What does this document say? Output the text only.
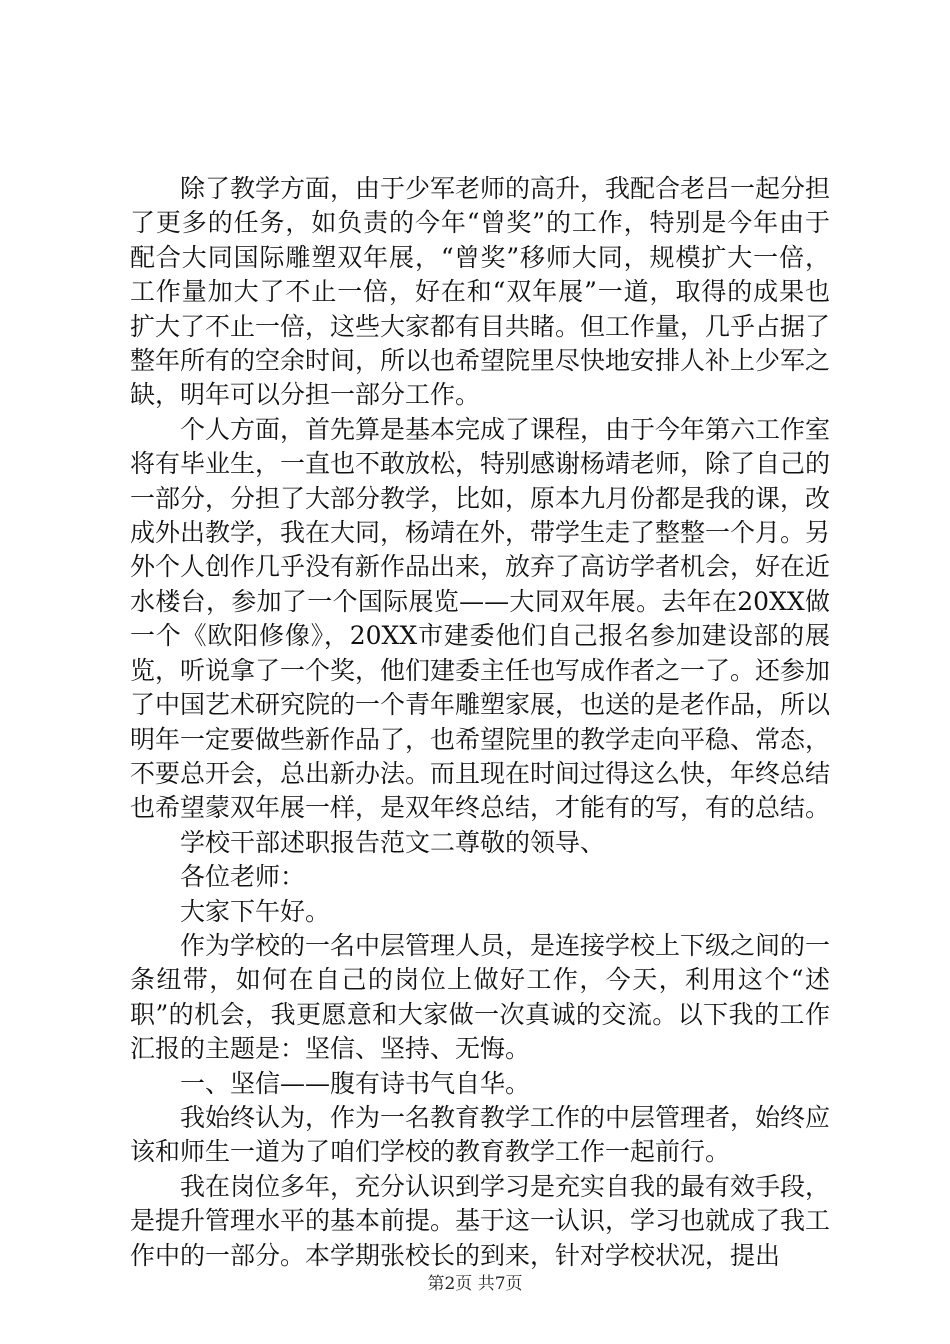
除了教学方面，由于少军老师的高升，我配合老吕一起分担了更多的任务，如负责的今年“曾奖”的工作，特别是今年由于配合大同国际雕塑双年展，“曾奖”移师大同，规模扩大一倍，工作量加大了不止一倍，好在和“双年展”一道，取得的成果也扩大了不止一倍，这些大家都有目共睹。但工作量，几乎占据了整年所有的空余时间，所以也希望院里尽快地安排人补上少军之缺，明年可以分担一部分工作。

个人方面，首先算是基本完成了课程，由于今年第六工作室将有毕业生，一直也不敢放松，特别感谢杨靖老师，除了自己的一部分，分担了大部分教学，比如，原本九月份都是我的课，改成外出教学，我在大同，杨靖在外，带学生走了整整一个月。另外个人创作几乎没有新作品出来，放弃了高访学者机会，好在近水楼台，参加了一个国际展览——大同双年展。去年在20XX做一个《欧阳修像》，20XX市建委他们自己报名参加建设部的展览，听说拿了一个奖，他们建委主任也写成作者之一了。还参加了中国艺术研究院的一个青年雕塑家展，也送的是老作品，所以明年一定要做些新作品了，也希望院里的教学走向平稳、常态，不要总开会，总出新办法。而且现在时间过得这么快，年终总结也希望蒙双年展一样，是双年终总结，才能有的写，有的总结。

学校干部述职报告范文二尊敬的领导、

各位老师：

大家下午好。

作为学校的一名中层管理人员，是连接学校上下级之间的一条纽带，如何在自己的岗位上做好工作，今天，利用这个“述职”的机会，我更愿意和大家做一次真诚的交流。以下我的工作汇报的主题是：坚信、坚持、无悔。

一、坚信——腹有诗书气自华。

我始终认为，作为一名教育教学工作的中层管理者，始终应该和师生一道为了咱们学校的教育教学工作一起前行。

我在岗位多年，充分认识到学习是充实自我的最有效手段，是提升管理水平的基本前提。基于这一认识，学习也就成了我工作中的一部分。本学期张校长的到来，针对学校状况，提出

第2页 共7页
